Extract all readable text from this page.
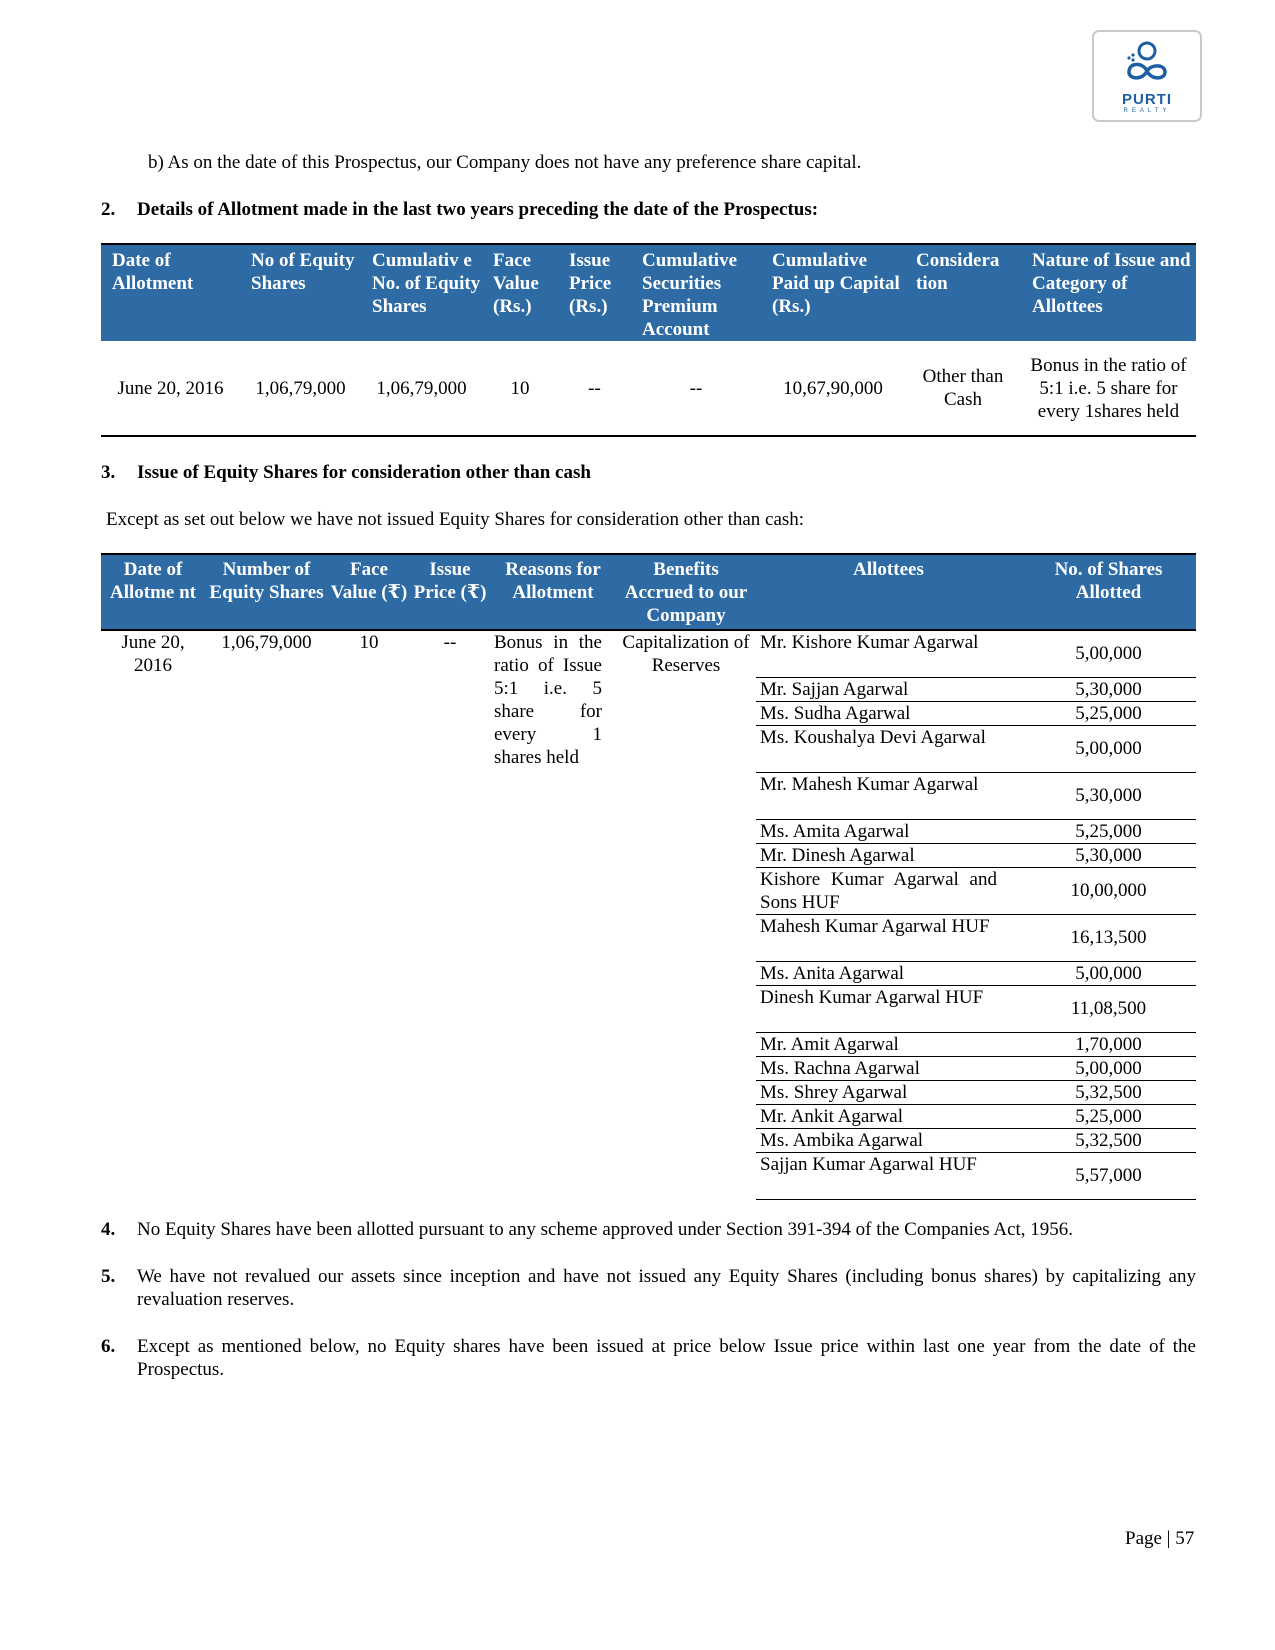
PURTI
REALTY
b) As on the date of this Prospectus, our Company does not have any preference share capital.
2. Details of Allotment made in the last two years preceding the date of the Prospectus:
Date of Allotment	No of Equity Shares	Cumulativ e No. of Equity Shares	Face Value (Rs.)	Issue Price (Rs.)	Cumulative Securities Premium Account	Cumulative Paid up Capital (Rs.)	Considera tion	Nature of Issue and Category of Allottees
June 20, 2016	1,06,79,000	1,06,79,000	10	--	--	10,67,90,000	Other than Cash	Bonus in the ratio of 5:1 i.e. 5 share for every 1shares held
3. Issue of Equity Shares for consideration other than cash
Except as set out below we have not issued Equity Shares for consideration other than cash:
Date of Allotme nt	Number of Equity Shares	Face Value (₹)	Issue Price (₹)	Reasons for Allotment	Benefits Accrued to our Company	Allottees	No. of Shares Allotted
June 20, 2016	1,06,79,000	10	--	Bonus in the ratio of Issue 5:1 i.e. 5 share for every 1 shares held	Capitalization of Reserves	Mr. Kishore Kumar Agarwal	5,00,000
						Mr. Sajjan Agarwal	5,30,000
						Ms. Sudha Agarwal	5,25,000
						Ms. Koushalya Devi Agarwal	5,00,000
						Mr. Mahesh Kumar Agarwal	5,30,000
						Ms. Amita Agarwal	5,25,000
						Mr. Dinesh Agarwal	5,30,000
						Kishore Kumar Agarwal and Sons HUF	10,00,000
						Mahesh Kumar Agarwal HUF	16,13,500
						Ms. Anita Agarwal	5,00,000
						Dinesh Kumar Agarwal HUF	11,08,500
						Mr. Amit Agarwal	1,70,000
						Ms. Rachna Agarwal	5,00,000
						Ms. Shrey Agarwal	5,32,500
						Mr. Ankit Agarwal	5,25,000
						Ms. Ambika Agarwal	5,32,500
						Sajjan Kumar Agarwal HUF	5,57,000
4. No Equity Shares have been allotted pursuant to any scheme approved under Section 391-394 of the Companies Act, 1956.
5.	We have not revalued our assets since inception and have not issued any Equity Shares (including bonus shares) by capitalizing any revaluation reserves.
6.	Except as mentioned below, no Equity shares have been issued at price below Issue price within last one year from the date of the Prospectus.
Page | 57
